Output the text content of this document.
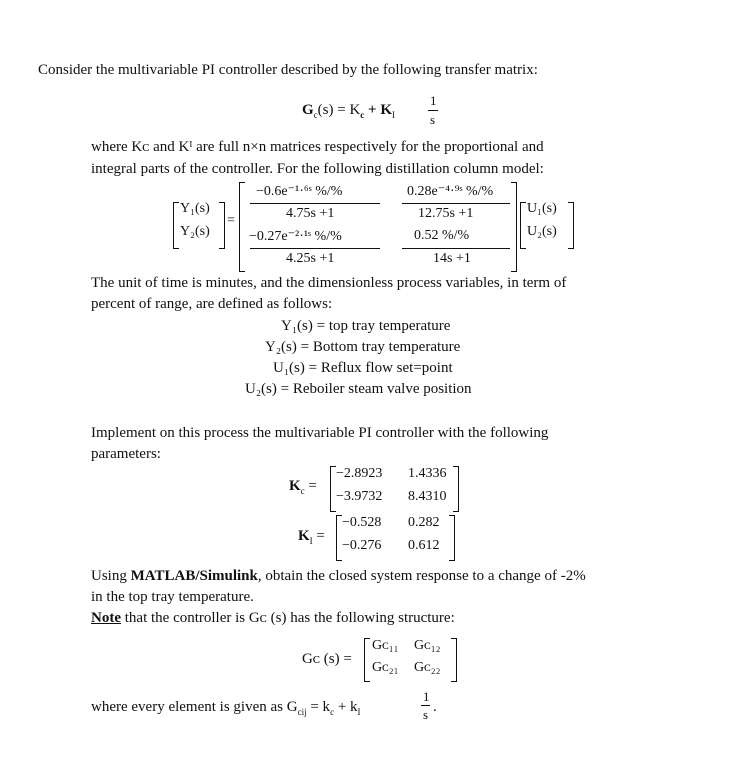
Consider the multivariable PI controller described by the following transfer matrix:
$G_c(s) = K_c + K_I$
1
s
where Kᴄ and Kᴵ are full n×n matrices respectively for the proportional and
integral parts of the controller. For the following distillation column model:
Y₁(s)
Y₂(s)
=
−0.6e⁻¹·⁶ˢ %/%
4.75s +1
0.28e⁻⁴·⁹ˢ %/%
12.75s +1
−0.27e⁻²·¹ˢ %/%
4.25s +1
0.52 %/%
14s +1
U₁(s)
U₂(s)
The unit of time is minutes, and the dimensionless process variables, in term of
percent of range, are defined as follows:
Y₁(s) = top tray temperature
Y₂(s) = Bottom tray temperature
U₁(s) = Reflux flow set=point
U₂(s) = Reboiler steam valve position
Implement on this process the multivariable PI controller with the following
parameters:
$K_c$ =
−2.8923 1.4336
−3.9732 8.4310
$K_I$ =
−0.528 0.282
−0.276 0.612
Using MATLAB/Simulink, obtain the closed system response to a change of -2%
in the top tray temperature.
Note that the controller is Gᴄ (s) has the following structure:
Gᴄ (s) =
Gᴄ₁₁ Gᴄ₁₂
Gᴄ₂₁ Gᴄ₂₂
where every element is given as $G_{cij} = k_c + k_I$
1
s .
